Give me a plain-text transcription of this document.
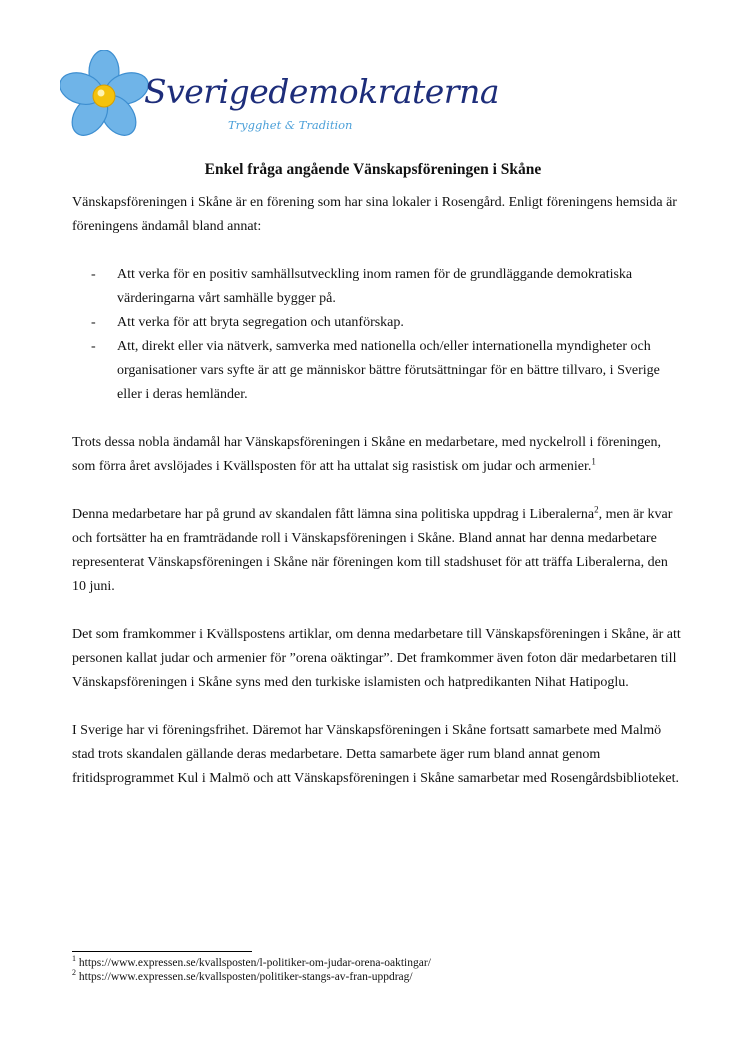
Sverigedemokraterna
Trygghet & Tradition
Enkel fråga angående Vänskapsföreningen i Skåne

Vänskapsföreningen i Skåne är en förening som har sina lokaler i Rosengård. Enligt föreningens hemsida är föreningens ändamål bland annat:

- Att verka för en positiv samhällsutveckling inom ramen för de grundläggande demokratiska värderingarna vårt samhälle bygger på.
- Att verka för att bryta segregation och utanförskap.
- Att, direkt eller via nätverk, samverka med nationella och/eller internationella myndigheter och organisationer vars syfte är att ge människor bättre förutsättningar för en bättre tillvaro, i Sverige eller i deras hemländer.

Trots dessa nobla ändamål har Vänskapsföreningen i Skåne en medarbetare, med nyckelroll i föreningen, som förra året avslöjades i Kvällsposten för att ha uttalat sig rasistisk om judar och armenier.$^1$

Denna medarbetare har på grund av skandalen fått lämna sina politiska uppdrag i Liberalerna$^2$, men är kvar och fortsätter ha en framträdande roll i Vänskapsföreningen i Skåne. Bland annat har denna medarbetare representerat Vänskapsföreningen i Skåne när föreningen kom till stadshuset för att träffa Liberalerna, den 10 juni.

Det som framkommer i Kvällspostens artiklar, om denna medarbetare till Vänskapsföreningen i Skåne, är att personen kallat judar och armenier för ”orena oäktingar”. Det framkommer även foton där medarbetaren till Vänskapsföreningen i Skåne syns med den turkiske islamisten och hatpredikanten Nihat Hatipoglu.

I Sverige har vi föreningsfrihet. Däremot har Vänskapsföreningen i Skåne fortsatt samarbete med Malmö stad trots skandalen gällande deras medarbetare. Detta samarbete äger rum bland annat genom fritidsprogrammet Kul i Malmö och att Vänskapsföreningen i Skåne samarbetar med Rosengårdsbiblioteket.

$^1$ https://www.expressen.se/kvallsposten/l-politiker-om-judar-orena-oaktingar/
$^2$ https://www.expressen.se/kvallsposten/politiker-stangs-av-fran-uppdrag/
